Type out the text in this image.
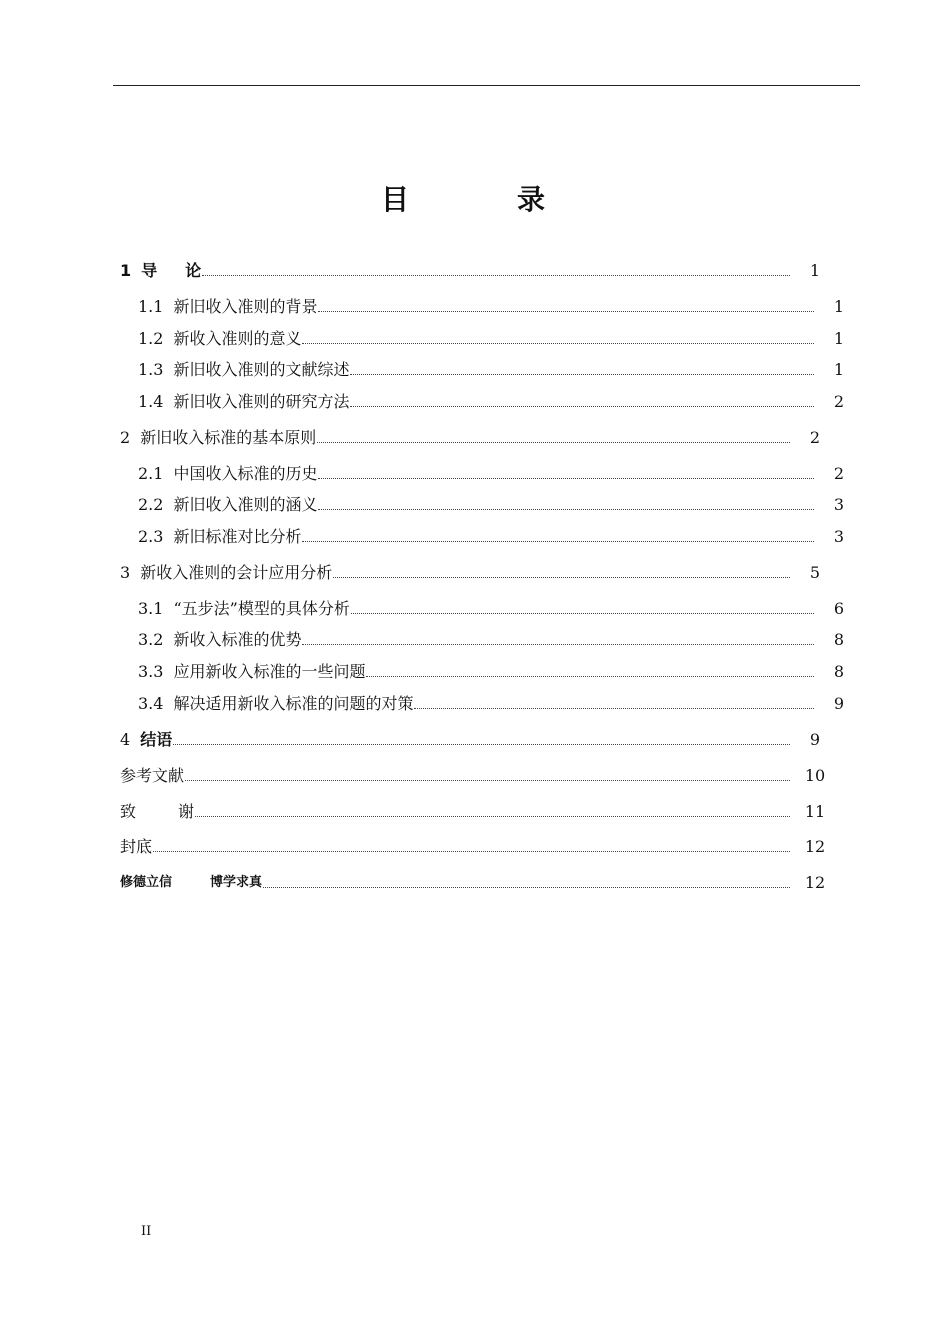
目　录
1 导论	1
1.1 新旧收入准则的背景	1
1.2 新收入准则的意义	1
1.3 新旧收入准则的文献综述	1
1.4 新旧收入准则的研究方法	2
2 新旧收入标准的基本原则	2
2.1 中国收入标准的历史	2
2.2 新旧收入准则的涵义	3
2.3 新旧标准对比分析	3
3 新收入准则的会计应用分析	5
3.1 “五步法”模型的具体分析	6
3.2 新收入标准的优势	8
3.3 应用新收入标准的一些问题	8
3.4 解决适用新收入标准的问题的对策	9
4 结语	9
参考文献	10
致谢	11
封底	12
修德立信	博学求真	12
II
